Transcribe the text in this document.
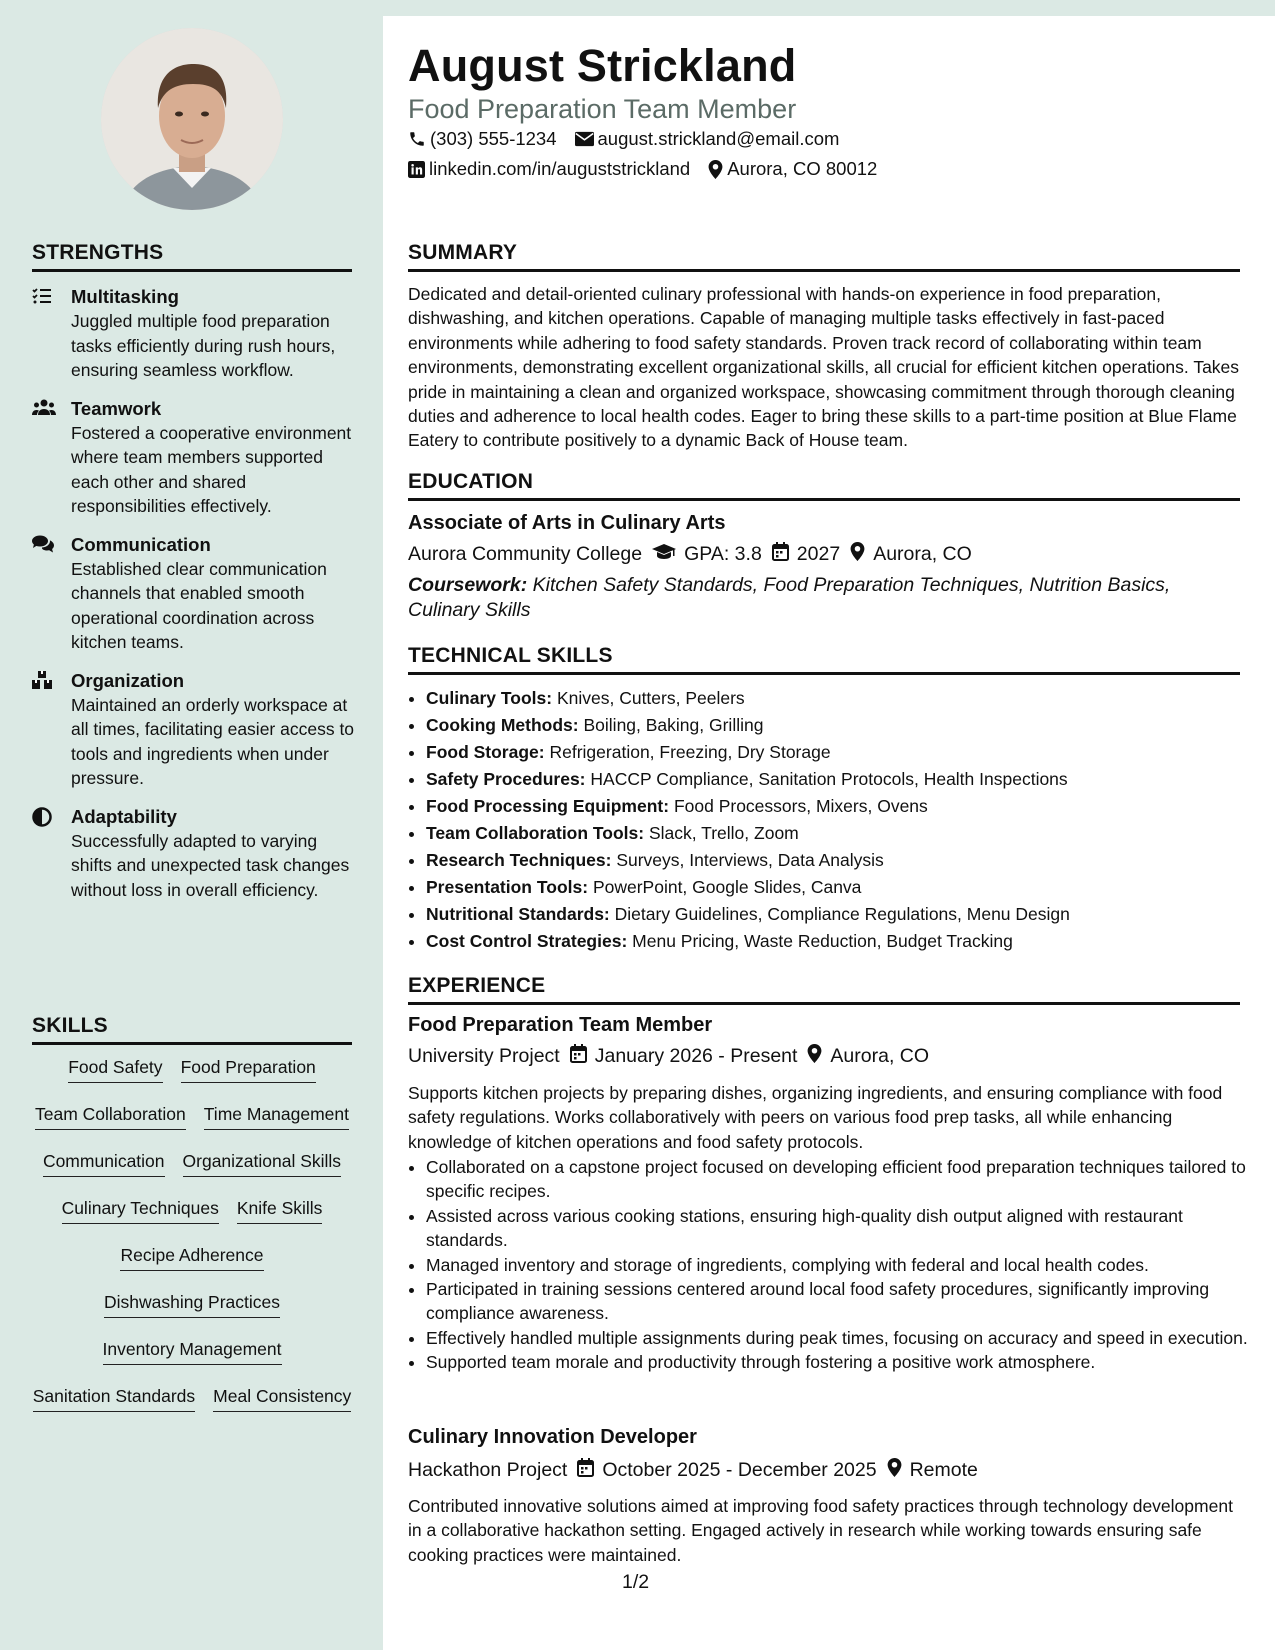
August Strickland
Food Preparation Team Member
(303) 555-1234 august.strickland@email.com
linkedin.com/in/auguststrickland Aurora, CO 80012
STRENGTHS
Multitasking
Juggled multiple food preparation tasks efficiently during rush hours, ensuring seamless workflow.
Teamwork
Fostered a cooperative environment where team members supported each other and shared responsibilities effectively.
Communication
Established clear communication channels that enabled smooth operational coordination across kitchen teams.
Organization
Maintained an orderly workspace at all times, facilitating easier access to tools and ingredients when under pressure.
Adaptability
Successfully adapted to varying shifts and unexpected task changes without loss in overall efficiency.
SKILLS
Food Safety Food Preparation
Team Collaboration Time Management
Communication Organizational Skills
Culinary Techniques Knife Skills
Recipe Adherence
Dishwashing Practices
Inventory Management
Sanitation Standards Meal Consistency
SUMMARY
Dedicated and detail-oriented culinary professional with hands-on experience in food preparation, dishwashing, and kitchen operations. Capable of managing multiple tasks effectively in fast-paced environments while adhering to food safety standards. Proven track record of collaborating within team environments, demonstrating excellent organizational skills, all crucial for efficient kitchen operations. Takes pride in maintaining a clean and organized workspace, showcasing commitment through thorough cleaning duties and adherence to local health codes. Eager to bring these skills to a part-time position at Blue Flame Eatery to contribute positively to a dynamic Back of House team.
EDUCATION
Associate of Arts in Culinary Arts
Aurora Community College GPA: 3.8 2027 Aurora, CO
Coursework: Kitchen Safety Standards, Food Preparation Techniques, Nutrition Basics, Culinary Skills
TECHNICAL SKILLS
• Culinary Tools: Knives, Cutters, Peelers
• Cooking Methods: Boiling, Baking, Grilling
• Food Storage: Refrigeration, Freezing, Dry Storage
• Safety Procedures: HACCP Compliance, Sanitation Protocols, Health Inspections
• Food Processing Equipment: Food Processors, Mixers, Ovens
• Team Collaboration Tools: Slack, Trello, Zoom
• Research Techniques: Surveys, Interviews, Data Analysis
• Presentation Tools: PowerPoint, Google Slides, Canva
• Nutritional Standards: Dietary Guidelines, Compliance Regulations, Menu Design
• Cost Control Strategies: Menu Pricing, Waste Reduction, Budget Tracking
EXPERIENCE
Food Preparation Team Member
University Project January 2026 - Present Aurora, CO
Supports kitchen projects by preparing dishes, organizing ingredients, and ensuring compliance with food safety regulations. Works collaboratively with peers on various food prep tasks, all while enhancing knowledge of kitchen operations and food safety protocols.
• Collaborated on a capstone project focused on developing efficient food preparation techniques tailored to specific recipes.
• Assisted across various cooking stations, ensuring high-quality dish output aligned with restaurant standards.
• Managed inventory and storage of ingredients, complying with federal and local health codes.
• Participated in training sessions centered around local food safety procedures, significantly improving compliance awareness.
• Effectively handled multiple assignments during peak times, focusing on accuracy and speed in execution.
• Supported team morale and productivity through fostering a positive work atmosphere.
Culinary Innovation Developer
Hackathon Project October 2025 - December 2025 Remote
Contributed innovative solutions aimed at improving food safety practices through technology development in a collaborative hackathon setting. Engaged actively in research while working towards ensuring safe cooking practices were maintained.
1/2
